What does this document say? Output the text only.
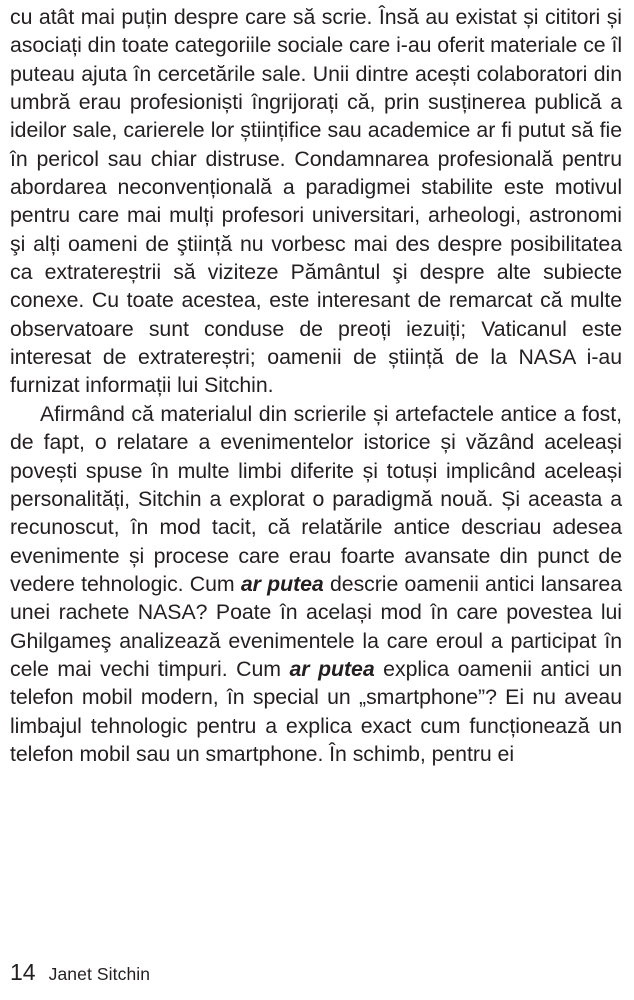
cu atât mai puțin despre care să scrie. Însă au existat și cititori și asociați din toate categoriile sociale care i-au oferit materiale ce îl puteau ajuta în cercetările sale. Unii dintre acești colaboratori din umbră erau profesioniști îngrijorați că, prin susținerea publică a ideilor sale, carierele lor științifice sau academice ar fi putut să fie în pericol sau chiar distruse. Condamnarea profesională pentru abordarea neconvențională a paradigmei stabilite este motivul pentru care mai mulți profesori universitari, arheologi, astronomi şi alți oameni de ştiință nu vorbesc mai des despre posibilitatea ca extratereștrii să viziteze Pământul şi despre alte subiecte conexe. Cu toate acestea, este interesant de remarcat că multe observatoare sunt conduse de preoți iezuiți; Vaticanul este interesat de extratereștri; oamenii de știință de la NASA i-au furnizat informații lui Sitchin.

Afirmând că materialul din scrierile și artefactele antice a fost, de fapt, o relatare a evenimentelor istorice și văzând aceleași povești spuse în multe limbi diferite și totuși implicând aceleași personalități, Sitchin a explorat o paradigmă nouă. Și aceasta a recunoscut, în mod tacit, că relatările antice descriau adesea evenimente și procese care erau foarte avansate din punct de vedere tehnologic. Cum ar putea descrie oamenii antici lansarea unei rachete NASA? Poate în același mod în care povestea lui Ghilgameş analizează evenimentele la care eroul a participat în cele mai vechi timpuri. Cum ar putea explica oamenii antici un telefon mobil modern, în special un „smartphone”? Ei nu aveau limbajul tehnologic pentru a explica exact cum funcționează un telefon mobil sau un smartphone. În schimb, pentru ei

14 Janet Sitchin
